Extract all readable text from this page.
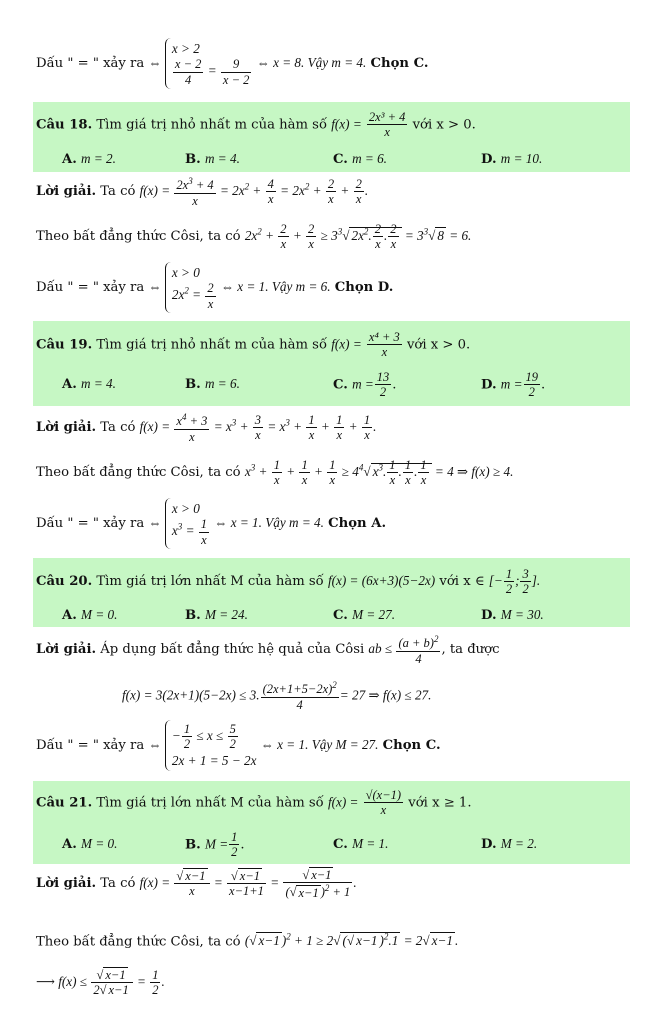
Dấu " = " xảy ra ⇔
x > 2
$\frac{x - 2}{4} = \frac{9}{x - 2}$ ⇔ x = 8. Vậy m = 4. Chọn C.
Câu 18. Tìm giá trị nhỏ nhất m của hàm số $f(x) = \frac{\text{2x³ + 4}}{x}$ với x > 0.
A. m = 2.	B. m = 4.	C. m = 6.	D. m = 10.
Lời giải. Ta có $f(x) = \frac{2x^3 + 4}{x} = 2x^2 + \frac{4}{x} = 2x^2 + \frac{2}{x} + \frac{2}{x}$ .
Theo bất đẳng thức Côsi, ta có $2x^2 + \frac{2}{x} + \frac{2}{x} \ge 3^3√$ $2x^2$. $\frac{2}{x}$ . $\frac{2}{x} = 3^3√$ 8 = 6.
Dấu " = " xảy ra ⇔
x > 0
$2x^2 = \frac{2}{x}$ ⇔ x = 1. Vậy m = 6. Chọn D.
Câu 19. Tìm giá trị nhỏ nhất m của hàm số $f(x) = \frac{\text{x⁴ + 3}}{x}$ với x > 0.
A. m = 4.	B. m = 6.	C. $m = \frac{13}{2}$ .	D. $m = \frac{19}{2}$ .
Lời giải. Ta có $f(x) = \frac{x^4 + 3}{x} = x^3 + \frac{3}{x} = x^3 + \frac{1}{x} + \frac{1}{x} + \frac{1}{x}$ .
Theo bất đẳng thức Côsi, ta có $x^3 + \frac{1}{x} + \frac{1}{x} + \frac{1}{x} \ge 4^4√$ $x^3$. $\frac{1}{x}$ . $\frac{1}{x}$ . $\frac{1}{x} = 4$ ⇒ f(x) ≥ 4.
Dấu " = " xảy ra ⇔
x > 0
$x^3 = \frac{1}{x}$ ⇔ x = 1. Vậy m = 4. Chọn A.
Câu 20. Tìm giá trị lớn nhất M của hàm số f(x) = (6x+3)(5−2x) với x ∈ [− $\frac{1}{2}$ ; $\frac{3}{2}$ ].
A. M = 0.	B. M = 24.	C. M = 27.	D. M = 30.
Lời giải. Áp dụng bất đẳng thức hệ quả của Côsi ab ≤ $\frac{(a + b)^2}{4}$ , ta được
f(x) = 3(2x+1)(5−2x) ≤ 3. $\frac{(2x+1+5-2x)^2}{4} = 27$ ⇒ f(x) ≤ 27.
Dấu " = " xảy ra ⇔
− $\frac{1}{2} \le x \le \frac{5}{2}$
2x + 1 = 5 − 2x
⇔ x = 1. Vậy M = 27. Chọn C.
Câu 21. Tìm giá trị lớn nhất M của hàm số $f(x) = \frac{√(x-1)}{x}$ với x ≥ 1.
A. M = 0.	B. $M = \frac{1}{2}$ .	C. M = 1.	D. M = 2.
Lời giải. Ta có $f(x) = \frac{√ x-1}{x} = \frac{√ x-1}{x-1+1} = \frac{√ x-1}{(√ x-1 )^2 + 1}$ .
Theo bất đẳng thức Côsi, ta có (√ x−1 )$^2$ + 1 ≥ 2√ (√ x−1 )$^2$.1 = 2√ x−1 .
⟶ $f(x) \le \frac{√ x-1}{2√ x-1} = \frac{1}{2}$ .
